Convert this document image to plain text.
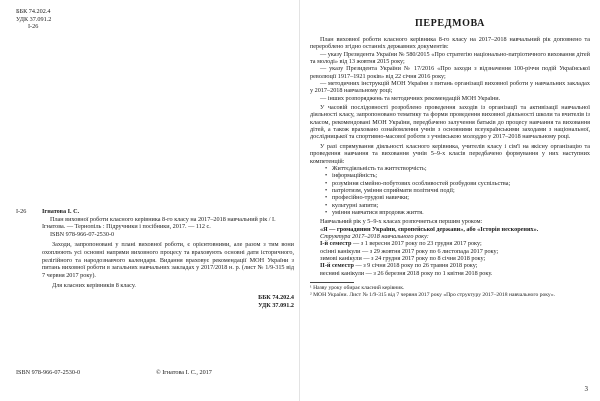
ББК 74.202.4
УДК 37.091.2
І-26
І-26	Ігнатова І. С.

План виховної роботи класного керівника 8-го класу на 2017–2018 навчальний рік / І. Ігнатова. — Тернопіль : Підручники і посібники, 2017. — 112 с.

ISBN 978-966-07-2530-0

Заходи, запропоновані у плані виховної роботи, є орієнтовними, але разом з тим вони охоплюють усі основні напрями виховного процесу та враховують основні дати історичного, релігійного та народознавчого календаря. Видання враховує рекомендації МОН України з питань виховної роботи в загальних навчальних закладах у 2017/2018 н. р. (лист № 1/9-315 від 7 червня 2017 року).

Для класних керівників 8 класу.

ББК 74.202.4
УДК 37.091.2
ISBN 978-966-07-2530-0	© Ігнатова І. С., 2017
ПЕРЕДМОВА

План виховної роботи класного керівника 8-го класу на 2017–2018 навчальний рік доповнено та перероблено згідно останніх державних документів:

— указу Президента України № 580/2015 «Про стратегію національно-патріотичного виховання дітей та молоді» від 13 жовтня 2015 року;

— указу Президента України № 17/2016 «Про заходи з відзначення 100-річчя подій Української революції 1917–1921 років» від 22 січня 2016 року;

— методичних інструкцій МОН України з питань організації виховної роботи у навчальних закладах у 2017–2018 навчальному році;

— інших розпоряджень та методичних рекомендацій МОН України.

У часовій послідовності розроблено проведення заходів із організації та активізації навчальної діяльності класу, запропоновано тематику та форми проведення виховної діяльності школи та вчителів із класом, рекомендовані МОН України, передбачено залучення батьків до процесу навчання та виховання дітей, а також враховано ознайомлення учнів з основними всеукраїнськими заходами з національної, дослідницької та спортивно-масової роботи з учнівською молоддю у 2017–2018 навчальному році.

У разі спрямування діяльності класного керівника, учителів класу і сім'ї на якісну організацію та проведення навчання та виховання учнів 5–9-х класів передбачено формування у них наступних компетенцій:

• Життєдіяльність та життєтворчість;
• інформаційність;
• розуміння сімейно-побутових особливостей розбудови суспільства;
• патріотизм, уміння сприймати політичні події;
• професійно-трудові навички;
• культурні запити;
• уміння навчатися впродовж життя.

Навчальний рік у 5–9-х класах розпочнеться першим уроком:

«Я — громадянин України, європейської держави», або «Історія нескорених».

Структура 2017–2018 навчального року:

І-й семестр — з 1 вересня 2017 року по 23 грудня 2017 року;

осінні канікули — з 29 жовтня 2017 року по 6 листопада 2017 року;

зимові канікули — з 24 грудня 2017 року по 8 січня 2018 року;

ІІ-й семестр — з 9 січня 2018 року по 26 травня 2018 року;

весняні канікули — з 26 березня 2018 року по 1 квітня 2018 року.

¹ Назву уроку обирає класний керівник.

² МОН України. Лист № 1/9-315 від 7 червня 2017 року «Про структуру 2017–2018 навчального року».

3
